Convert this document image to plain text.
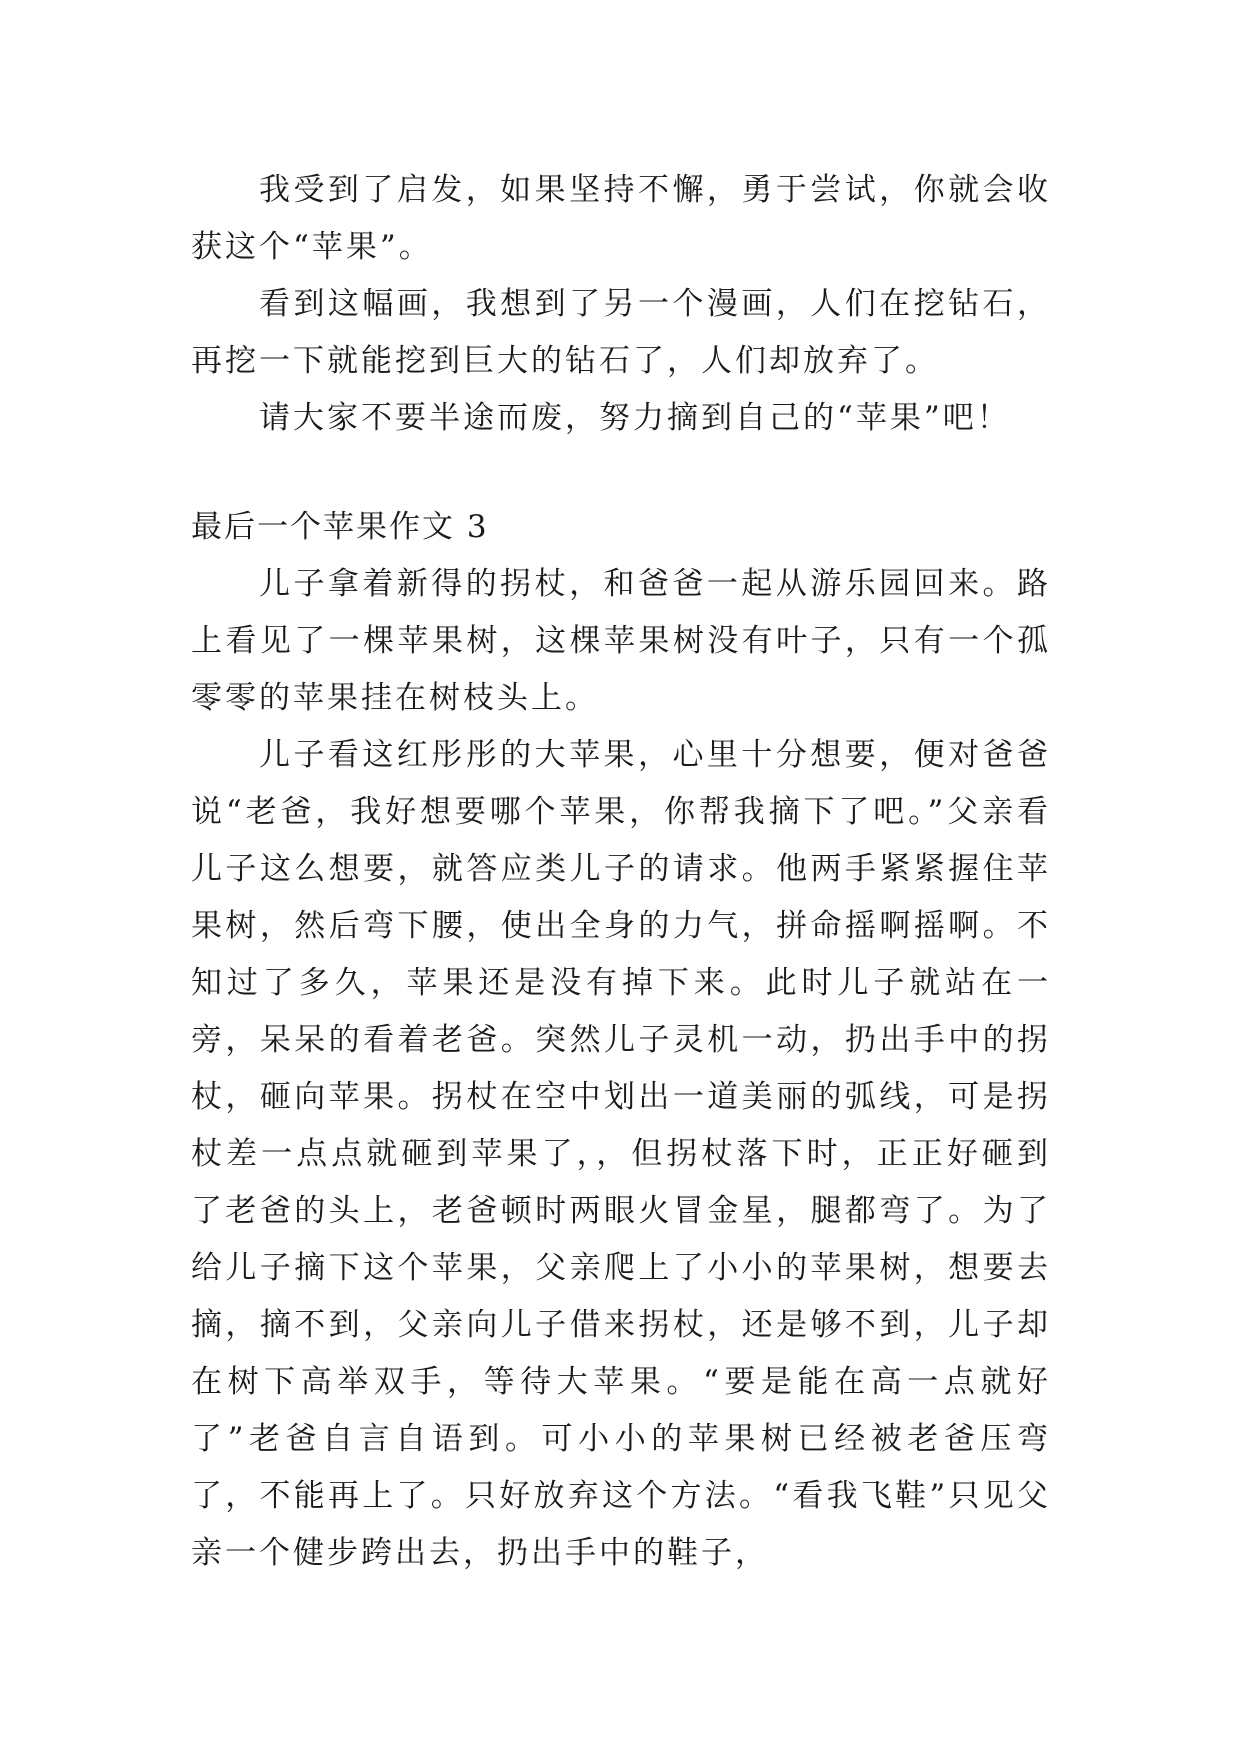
我受到了启发，如果坚持不懈，勇于尝试，你就会收获这个“苹果”。

看到这幅画，我想到了另一个漫画，人们在挖钻石，再挖一下就能挖到巨大的钻石了，人们却放弃了。

请大家不要半途而废，努力摘到自己的“苹果”吧！

最后一个苹果作文 3

儿子拿着新得的拐杖，和爸爸一起从游乐园回来。路上看见了一棵苹果树，这棵苹果树没有叶子，只有一个孤零零的苹果挂在树枝头上。

儿子看这红彤彤的大苹果，心里十分想要，便对爸爸说“老爸，我好想要哪个苹果，你帮我摘下了吧。”父亲看儿子这么想要，就答应类儿子的请求。他两手紧紧握住苹果树，然后弯下腰，使出全身的力气，拼命摇啊摇啊。不知过了多久，苹果还是没有掉下来。此时儿子就站在一旁，呆呆的看着老爸。突然儿子灵机一动，扔出手中的拐杖，砸向苹果。拐杖在空中划出一道美丽的弧线，可是拐杖差一点点就砸到苹果了，，但拐杖落下时，正正好砸到了老爸的头上，老爸顿时两眼火冒金星，腿都弯了。为了给儿子摘下这个苹果，父亲爬上了小小的苹果树，想要去摘，摘不到，父亲向儿子借来拐杖，还是够不到，儿子却在树下高举双手，等待大苹果。“要是能在高一点就好了”老爸自言自语到。可小小的苹果树已经被老爸压弯了，不能再上了。只好放弃这个方法。“看我飞鞋”只见父亲一个健步跨出去，扔出手中的鞋子，
